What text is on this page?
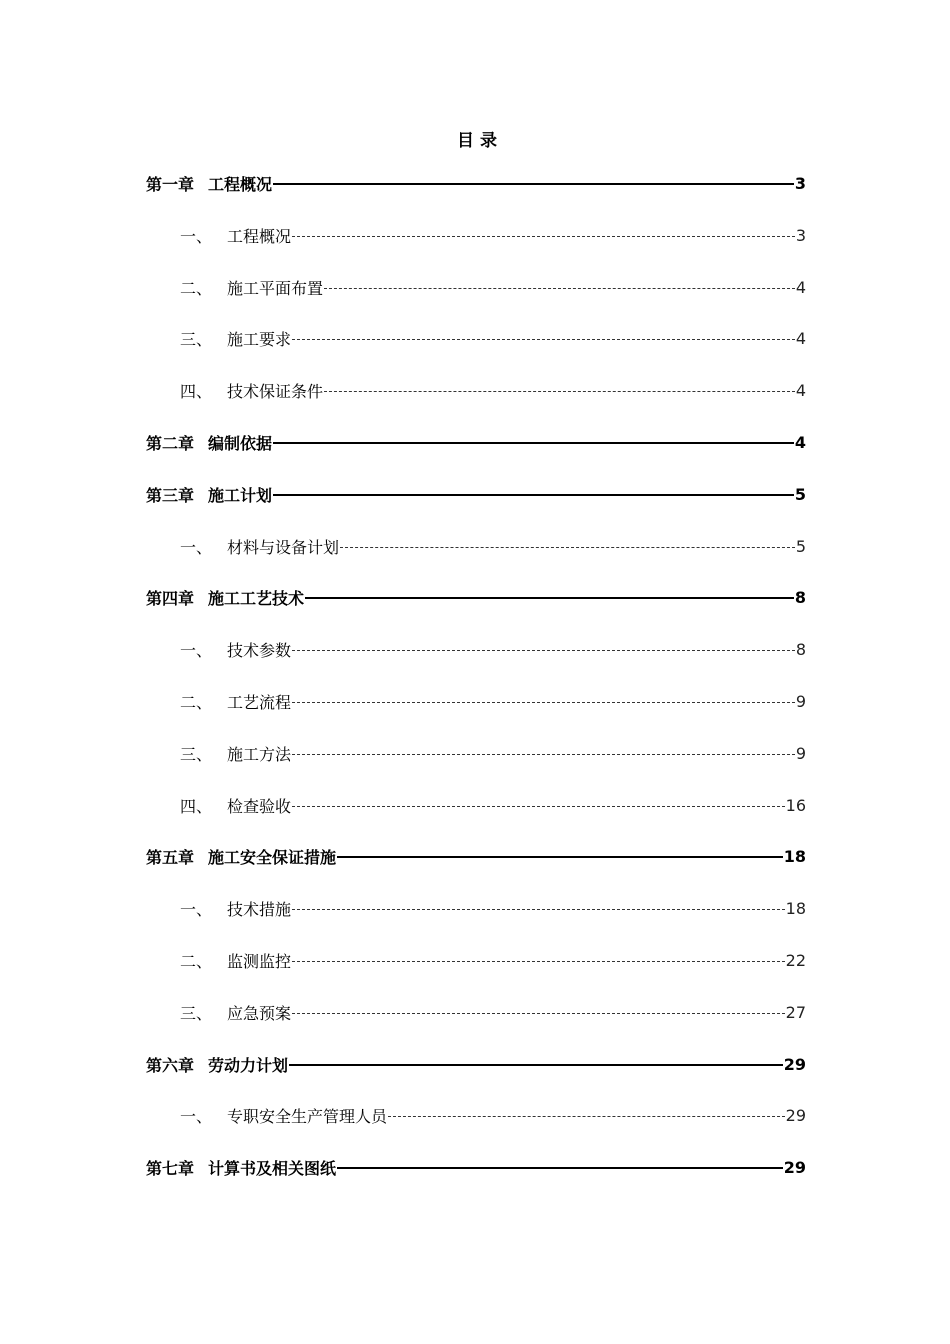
目 录
第一章 工程概况	3
一、 工程概况	3
二、 施工平面布置	4
三、 施工要求	4
四、 技术保证条件	4
第二章 编制依据	4
第三章 施工计划	5
一、 材料与设备计划	5
第四章 施工工艺技术	8
一、 技术参数	8
二、 工艺流程	9
三、 施工方法	9
四、 检查验收	16
第五章 施工安全保证措施	18
一、 技术措施	18
二、 监测监控	22
三、 应急预案	27
第六章 劳动力计划	29
一、 专职安全生产管理人员	29
第七章 计算书及相关图纸	29
